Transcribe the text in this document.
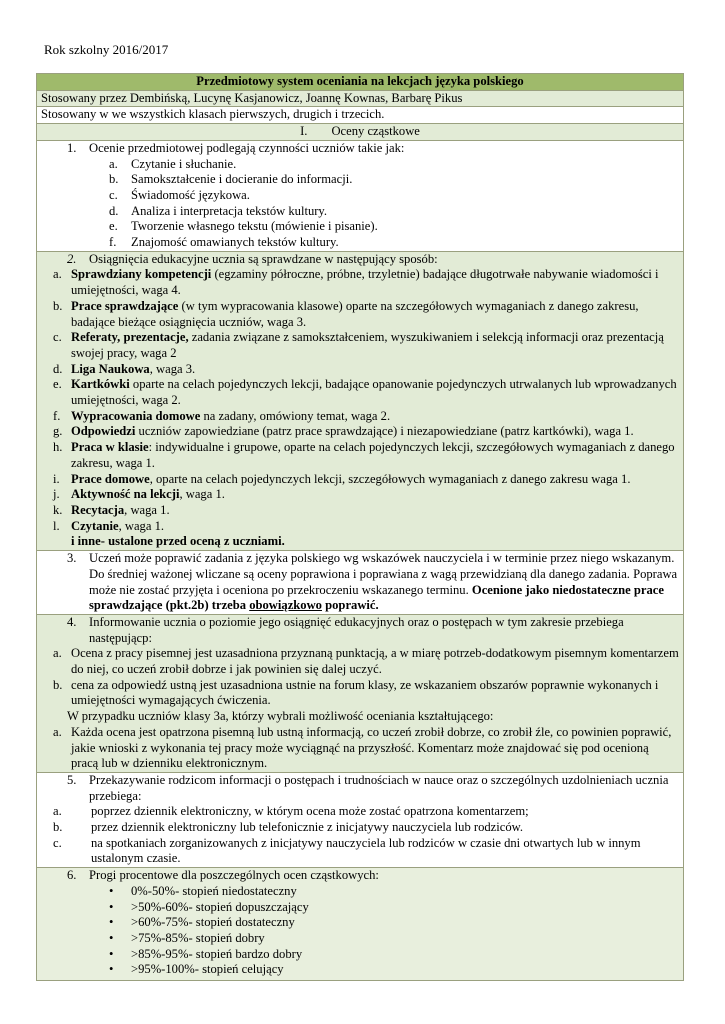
Rok szkolny 2016/2017
Przedmiotowy system oceniania na lekcjach języka polskiego
Stosowany przez Dembińską, Lucynę Kasjanowicz, Joannę Kownas, Barbarę Pikus
Stosowany w we wszystkich klasach pierwszych, drugich i trzecich.
I. Oceny cząstkowe

1. Ocenie przedmiotowej podlegają czynności uczniów takie jak:
a.	Czytanie i słuchanie.
b. Samokształcenie i docieranie do informacji.
c.	Świadomość językowa.
d. Analiza i interpretacja tekstów kultury.
e.	Tworzenie własnego tekstu (mówienie i pisanie).
f.	Znajomość omawianych tekstów kultury.

2. Osiągnięcia edukacyjne ucznia są sprawdzane w następujący sposób:
a. Sprawdziany kompetencji (egzaminy półroczne, próbne, trzyletnie) badające długotrwałe nabywanie wiadomości i umiejętności, waga 4.
b. Prace sprawdzające (w tym wypracowania klasowe) oparte na szczegółowych wymaganiach z danego zakresu, badające bieżące osiągnięcia uczniów, waga 3.
c. Referaty, prezentacje, zadania związane z samokształceniem, wyszukiwaniem i selekcją informacji oraz prezentacją swojej pracy, waga 2
d. Liga Naukowa, waga 3.
e. Kartkówki oparte na celach pojedynczych lekcji, badające opanowanie pojedynczych utrwalanych lub wprowadzanych umiejętności, waga 2.
f. Wypracowania domowe na zadany, omówiony temat, waga 2.
g. Odpowiedzi uczniów zapowiedziane (patrz prace sprawdzające) i niezapowiedziane (patrz kartkówki), waga 1.
h. Praca w klasie: indywidualne i grupowe, oparte na celach pojedynczych lekcji, szczegółowych wymaganiach z danego zakresu, waga 1.
i. Prace domowe, oparte na celach pojedynczych lekcji, szczegółowych wymaganiach z danego zakresu waga 1.
j. Aktywność na lekcji, waga 1.
k. Recytacja, waga 1.
l. Czytanie, waga 1.
i inne- ustalone przed oceną z uczniami.

3. Uczeń może poprawić zadania z języka polskiego wg wskazówek nauczyciela i w terminie przez niego wskazanym. Do średniej ważonej wliczane są oceny poprawiona i poprawiana z wagą przewidzianą dla danego zadania. Poprawa może nie zostać przyjęta i oceniona po przekroczeniu wskazanego terminu. Ocenione jako niedostateczne prace sprawdzające (pkt.2b) trzeba obowiązkowo poprawić.

4. Informowanie ucznia o poziomie jego osiągnięć edukacyjnych oraz o postępach w tym zakresie przebiega następującp:
a. Ocena z pracy pisemnej jest uzasadniona przyznaną punktacją, a w miarę potrzeb-dodatkowym pisemnym komentarzem do niej, co uczeń zrobił dobrze i jak powinien się dalej uczyć.
b. cena za odpowiedź ustną jest uzasadniona ustnie na forum klasy, ze wskazaniem obszarów poprawnie wykonanych i umiejętności wymagających ćwiczenia.
W przypadku uczniów klasy 3a, którzy wybrali możliwość oceniania kształtującego:
a. Każda ocena jest opatrzona pisemną lub ustną informacją, co uczeń zrobił dobrze, co zrobił źle, co powinien poprawić, jakie wnioski z wykonania tej pracy może wyciągnąć na przyszłość. Komentarz może znajdować się pod ocenioną pracą lub w dzienniku elektronicznym.

5. Przekazywanie rodzicom informacji o postępach i trudnościach w nauce oraz o szczególnych uzdolnieniach ucznia przebiega:
a.	poprzez dziennik elektroniczny, w którym ocena może zostać opatrzona komentarzem;
b.	przez dziennik elektroniczny lub telefonicznie z inicjatywy nauczyciela lub rodziców.
c.	na spotkaniach zorganizowanych z inicjatywy nauczyciela lub rodziców w czasie dni otwartych lub w innym ustalonym czasie.

6. Progi procentowe dla poszczególnych ocen cząstkowych:
•	0%-50%- stopień niedostateczny
•	>50%-60%- stopień dopuszczający
•	>60%-75%- stopień dostateczny
•	>75%-85%- stopień dobry
•	>85%-95%- stopień bardzo dobry
•	>95%-100%- stopień celujący
